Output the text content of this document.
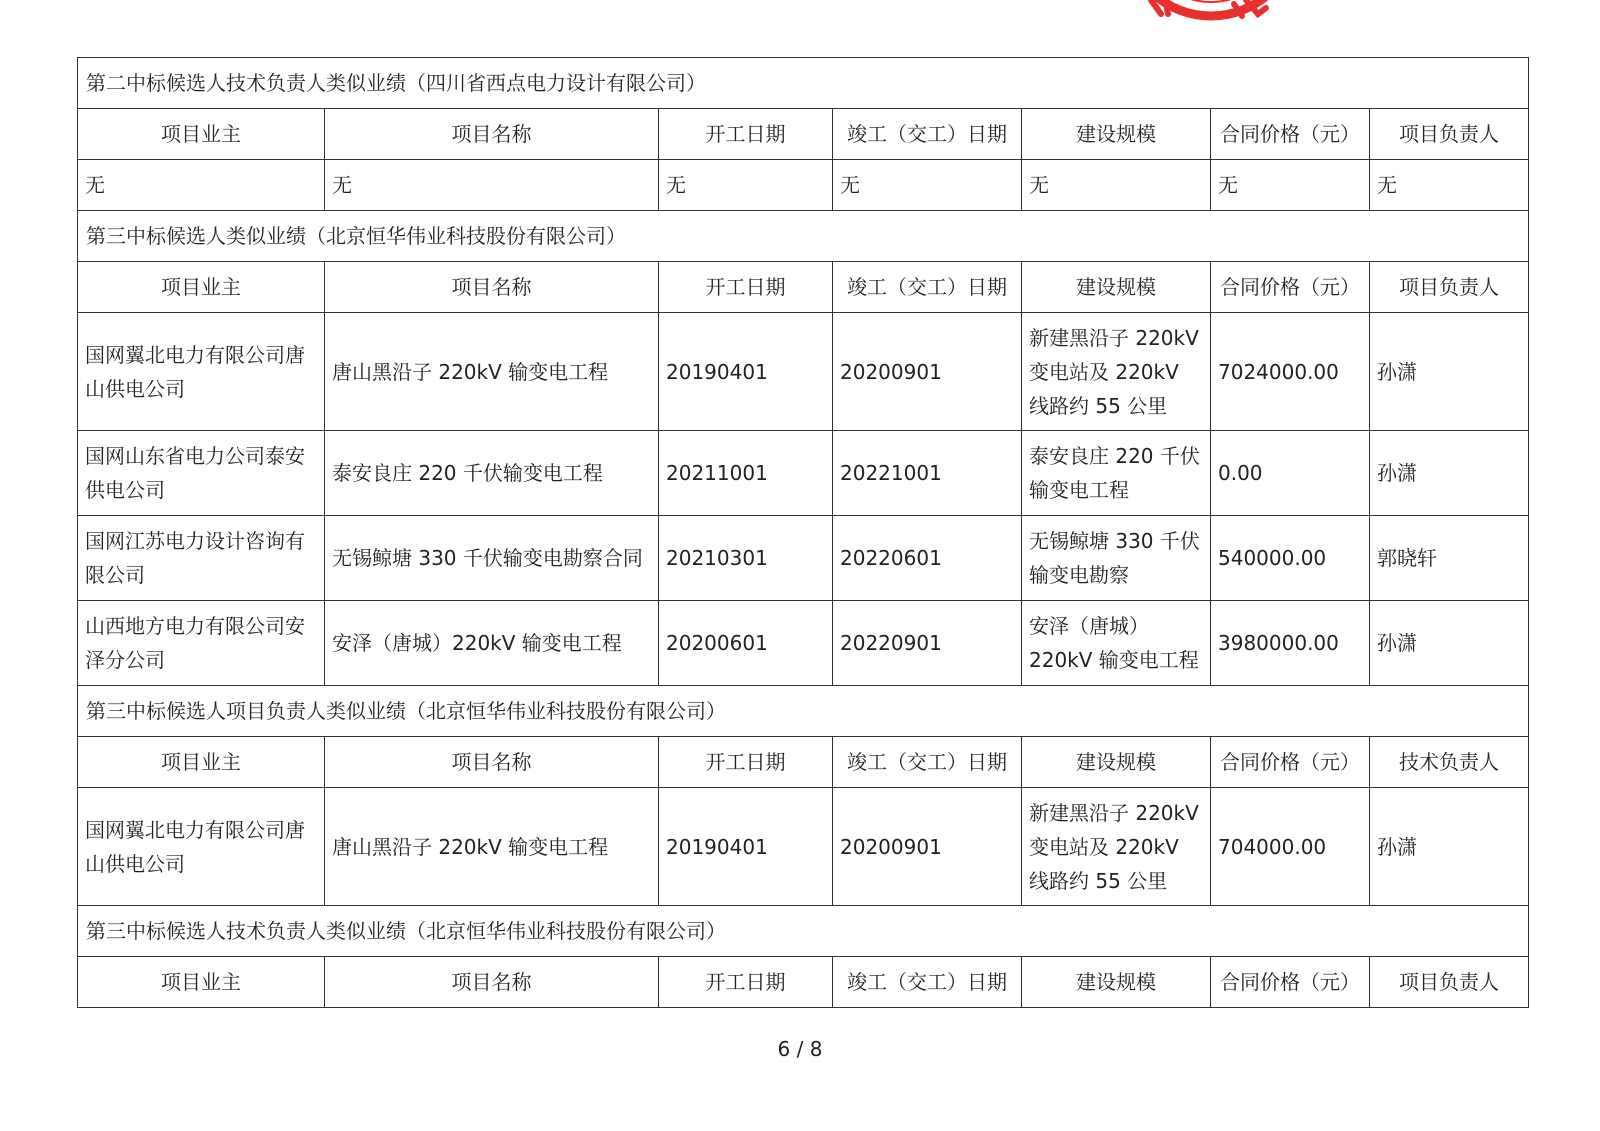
第二中标候选人技术负责人类似业绩（四川省西点电力设计有限公司）						
项目业主	项目名称	开工日期	竣工（交工）日期	建设规模	合同价格（元）	项目负责人
无	无	无	无	无	无	无
第三中标候选人类似业绩（北京恒华伟业科技股份有限公司）						
项目业主	项目名称	开工日期	竣工（交工）日期	建设规模	合同价格（元）	项目负责人
国网翼北电力有限公司唐山供电公司	唐山黑沿子 220kV 输变电工程	20190401	20200901	新建黑沿子 220kV 变电站及 220kV 线路约 55 公里	7024000.00	孙潇
国网山东省电力公司泰安供电公司	泰安良庄 220 千伏输变电工程	20211001	20221001	泰安良庄 220 千伏输变电工程	0.00	孙潇
国网江苏电力设计咨询有限公司	无锡鲸塘 330 千伏输变电勘察合同	20210301	20220601	无锡鲸塘 330 千伏输变电勘察	540000.00	郭晓轩
山西地方电力有限公司安泽分公司	安泽（唐城）220kV 输变电工程	20200601	20220901	安泽（唐城）220kV 输变电工程	3980000.00	孙潇
第三中标候选人项目负责人类似业绩（北京恒华伟业科技股份有限公司）						
项目业主	项目名称	开工日期	竣工（交工）日期	建设规模	合同价格（元）	技术负责人
国网翼北电力有限公司唐山供电公司	唐山黑沿子 220kV 输变电工程	20190401	20200901	新建黑沿子 220kV 变电站及 220kV 线路约 55 公里	704000.00	孙潇
第三中标候选人技术负责人类似业绩（北京恒华伟业科技股份有限公司）						
项目业主	项目名称	开工日期	竣工（交工）日期	建设规模	合同价格（元）	项目负责人
6 / 8
